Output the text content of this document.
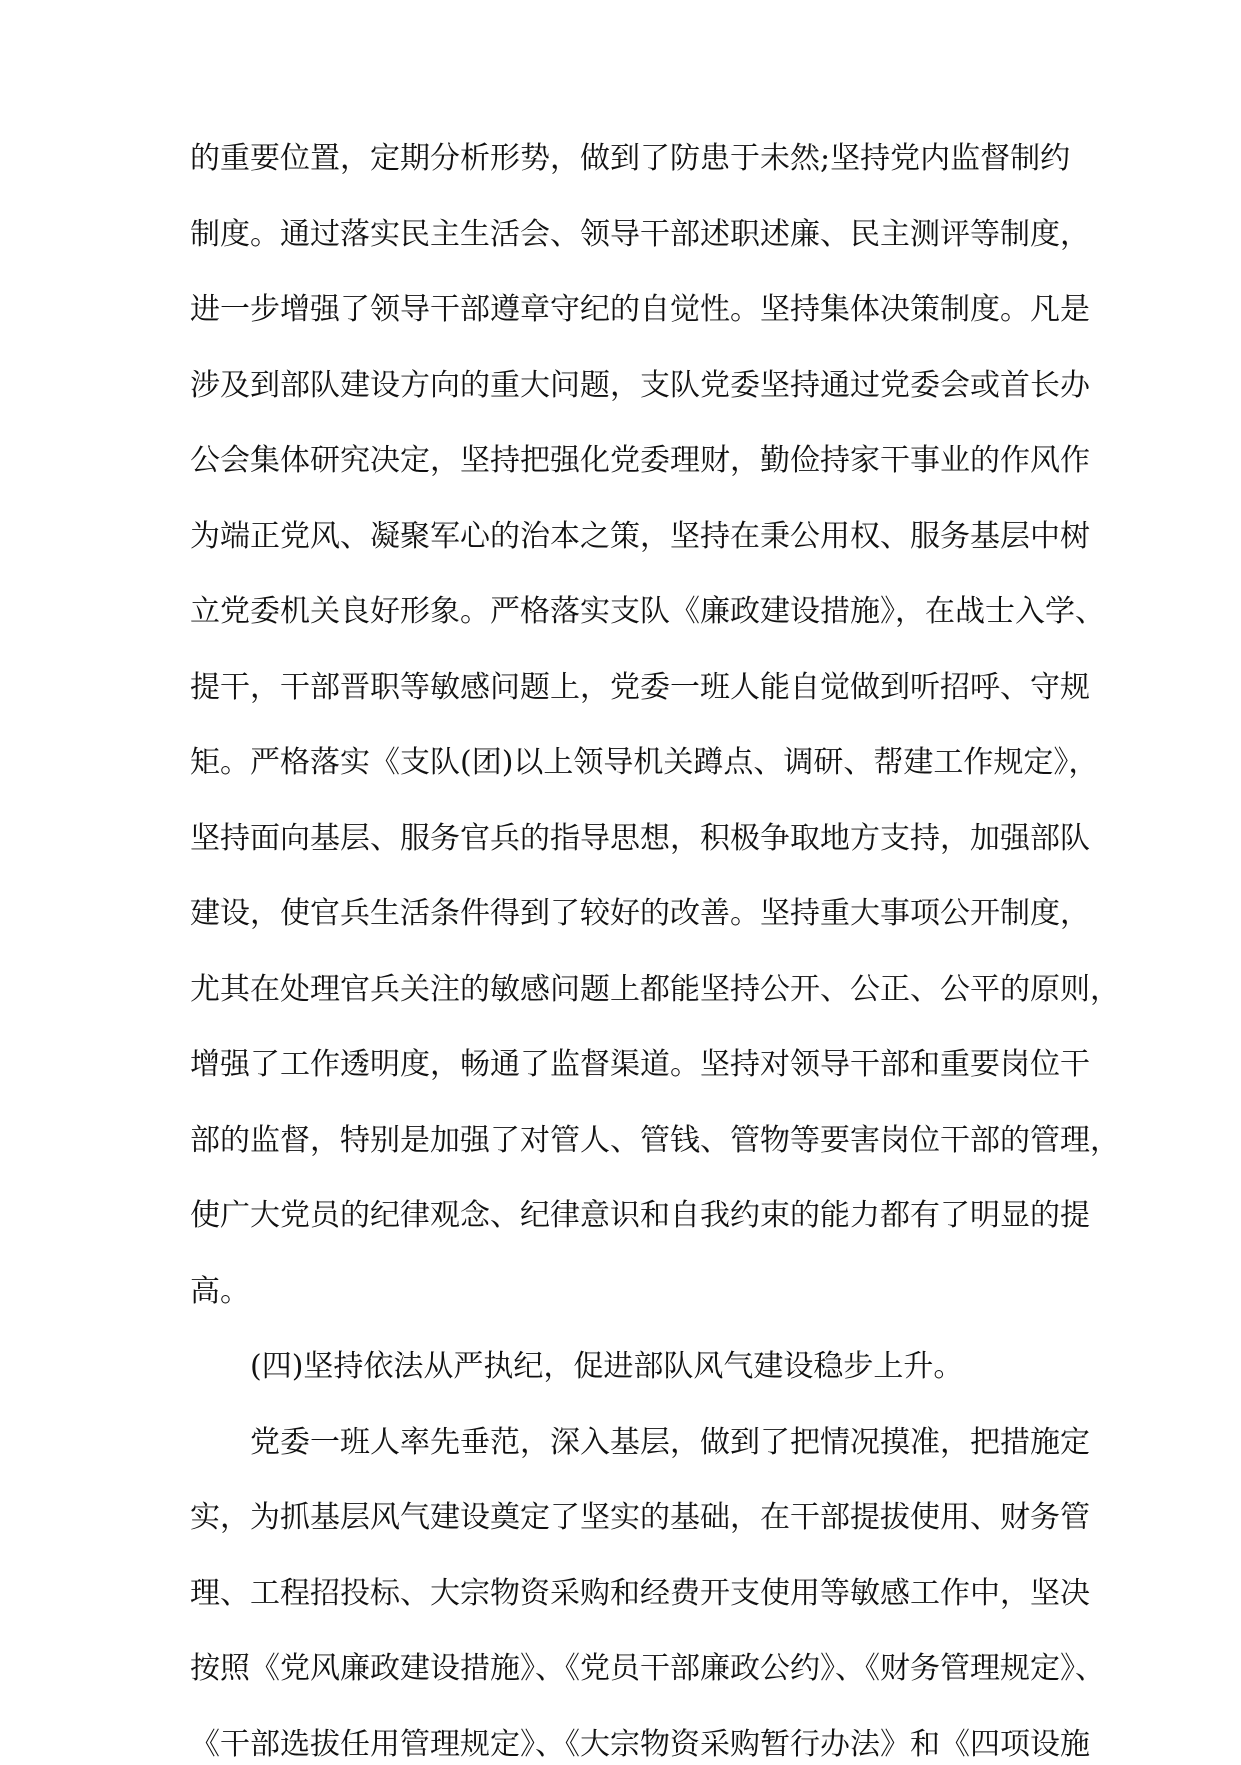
的重要位置，定期分析形势，做到了防患于未然;坚持党内监督制约
制度。通过落实民主生活会、领导干部述职述廉、民主测评等制度，
进一步增强了领导干部遵章守纪的自觉性。坚持集体决策制度。凡是
涉及到部队建设方向的重大问题，支队党委坚持通过党委会或首长办
公会集体研究决定，坚持把强化党委理财，勤俭持家干事业的作风作
为端正党风、凝聚军心的治本之策，坚持在秉公用权、服务基层中树
立党委机关良好形象。严格落实支队《廉政建设措施》，在战士入学、
提干，干部晋职等敏感问题上，党委一班人能自觉做到听招呼、守规
矩。严格落实《支队(团)以上领导机关蹲点、调研、帮建工作规定》，
坚持面向基层、服务官兵的指导思想，积极争取地方支持，加强部队
建设，使官兵生活条件得到了较好的改善。坚持重大事项公开制度，
尤其在处理官兵关注的敏感问题上都能坚持公开、公正、公平的原则，
增强了工作透明度，畅通了监督渠道。坚持对领导干部和重要岗位干
部的监督，特别是加强了对管人、管钱、管物等要害岗位干部的管理，
使广大党员的纪律观念、纪律意识和自我约束的能力都有了明显的提
高。
(四)坚持依法从严执纪，促进部队风气建设稳步上升。
党委一班人率先垂范，深入基层，做到了把情况摸准，把措施定
实，为抓基层风气建设奠定了坚实的基础，在干部提拔使用、财务管
理、工程招投标、大宗物资采购和经费开支使用等敏感工作中，坚决
按照《党风廉政建设措施》、《党员干部廉政公约》、《财务管理规定》、
《干部选拔任用管理规定》、《大宗物资采购暂行办法》和《四项设施
